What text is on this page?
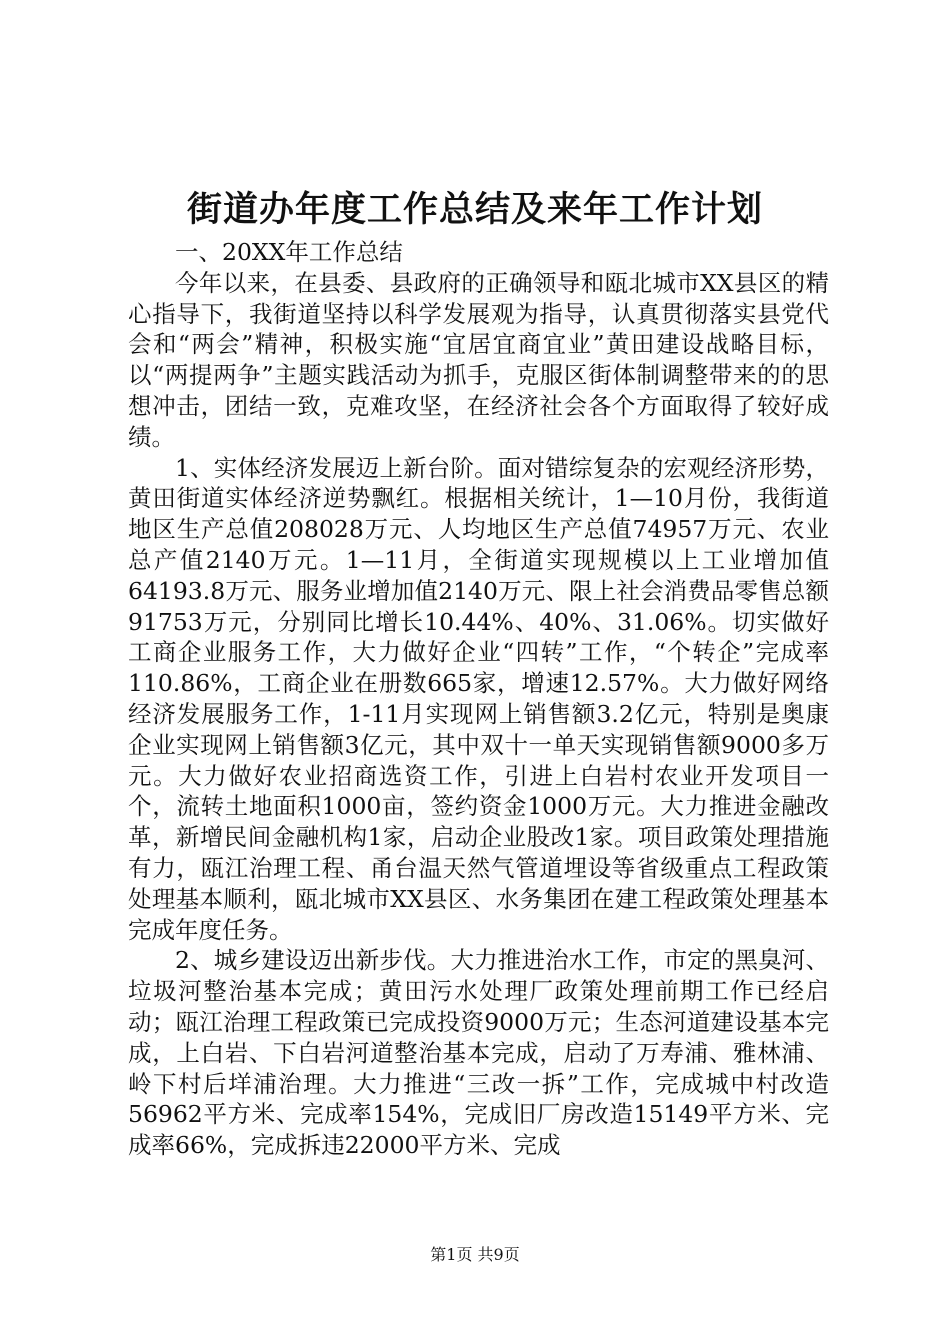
街道办年度工作总结及来年工作计划

一、20XX年工作总结

今年以来，在县委、县政府的正确领导和瓯北城市XX县区的精心指导下，我街道坚持以科学发展观为指导，认真贯彻落实县党代会和“两会”精神，积极实施“宜居宜商宜业”黄田建设战略目标，以“两提两争”主题实践活动为抓手，克服区街体制调整带来的的思想冲击，团结一致，克难攻坚，在经济社会各个方面取得了较好成绩。

1、实体经济发展迈上新台阶。面对错综复杂的宏观经济形势，黄田街道实体经济逆势飘红。根据相关统计，1—10月份，我街道地区生产总值208028万元、人均地区生产总值74957万元、农业总产值2140万元。1—11月，全街道实现规模以上工业增加值64193.8万元、服务业增加值2140万元、限上社会消费品零售总额91753万元，分别同比增长10.44%、40%、31.06%。切实做好工商企业服务工作，大力做好企业“四转”工作，“个转企”完成率110.86%，工商企业在册数665家，增速12.57%。大力做好网络经济发展服务工作，1-11月实现网上销售额3.2亿元，特别是奥康企业实现网上销售额3亿元，其中双十一单天实现销售额9000多万元。大力做好农业招商选资工作，引进上白岩村农业开发项目一个，流转土地面积1000亩，签约资金1000万元。大力推进金融改革，新增民间金融机构1家，启动企业股改1家。项目政策处理措施有力，瓯江治理工程、甬台温天然气管道埋设等省级重点工程政策处理基本顺利，瓯北城市XX县区、水务集团在建工程政策处理基本完成年度任务。

2、城乡建设迈出新步伐。大力推进治水工作，市定的黑臭河、垃圾河整治基本完成；黄田污水处理厂政策处理前期工作已经启动；瓯江治理工程政策已完成投资9000万元；生态河道建设基本完成，上白岩、下白岩河道整治基本完成，启动了万寿浦、雅林浦、岭下村后垟浦治理。大力推进“三改一拆”工作，完成城中村改造56962平方米、完成率154%，完成旧厂房改造15149平方米、完成率66%，完成拆违22000平方米、完成

第1页 共9页
